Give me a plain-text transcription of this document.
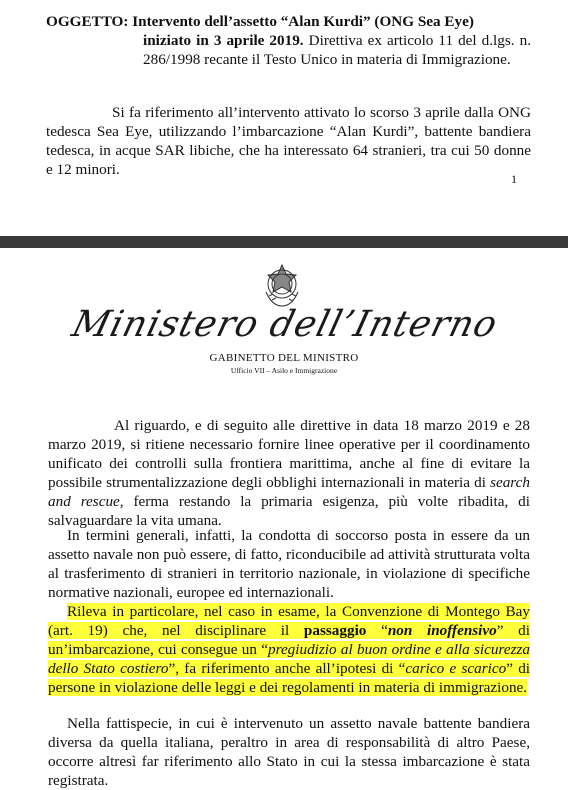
OGGETTO: Intervento dell’assetto “Alan Kurdi” (ONG Sea Eye)
iniziato in 3 aprile 2019. Direttiva ex articolo 11 del d.lgs. n. 286/1998 recante il Testo Unico in materia di Immigrazione.
Si fa riferimento all’intervento attivato lo scorso 3 aprile dalla ONG tedesca Sea Eye, utilizzando l’imbarcazione “Alan Kurdi”, battente bandiera tedesca, in acque SAR libiche, che ha interessato 64 stranieri, tra cui 50 donne e 12 minori.
1
Ministero dell’Interno
GABINETTO DEL MINISTRO
Ufficio VII – Asilo e Immigrazione
Al riguardo, e di seguito alle direttive in data 18 marzo 2019 e 28 marzo 2019, si ritiene necessario fornire linee operative per il coordinamento unificato dei controlli sulla frontiera marittima, anche al fine di evitare la possibile strumentalizzazione degli obblighi internazionali in materia di search and rescue, ferma restando la primaria esigenza, più volte ribadita, di salvaguardare la vita umana.
In termini generali, infatti, la condotta di soccorso posta in essere da un assetto navale non può essere, di fatto, riconducibile ad attività strutturata volta al trasferimento di stranieri in territorio nazionale, in violazione di specifiche normative nazionali, europee ed internazionali.
Rileva in particolare, nel caso in esame, la Convenzione di Montego Bay (art. 19) che, nel disciplinare il passaggio “non inoffensivo” di un’imbarcazione, cui consegue un “pregiudizio al buon ordine e alla sicurezza dello Stato costiero”, fa riferimento anche all’ipotesi di “carico e scarico” di persone in violazione delle leggi e dei regolamenti in materia di immigrazione.
Nella fattispecie, in cui è intervenuto un assetto navale battente bandiera diversa da quella italiana, peraltro in area di responsabilità di altro Paese, occorre altresì far riferimento allo Stato in cui la stessa imbarcazione è stata registrata.
